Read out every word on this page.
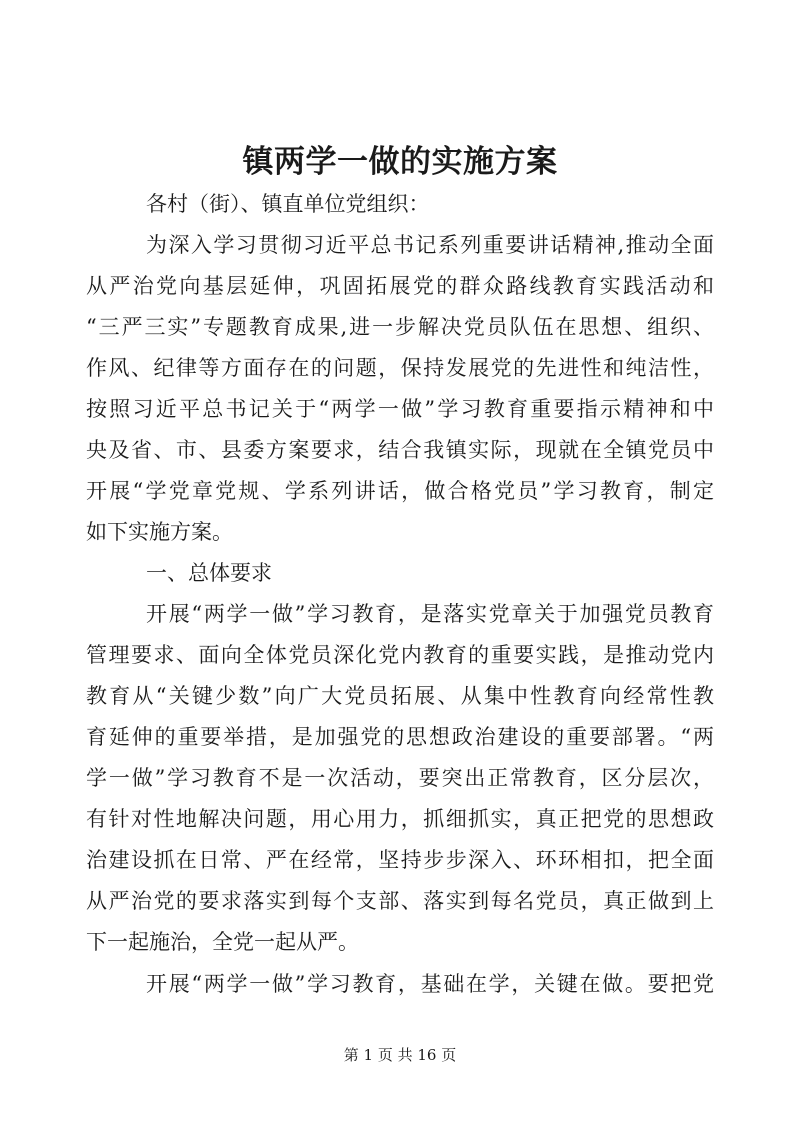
镇两学一做的实施方案
各村（街）、镇直单位党组织：
为深入学习贯彻习近平总书记系列重要讲话精神,推动全面
从严治党向基层延伸，巩固拓展党的群众路线教育实践活动和
“三严三实”专题教育成果,进一步解决党员队伍在思想、组织、
作风、纪律等方面存在的问题，保持发展党的先进性和纯洁性，
按照习近平总书记关于“两学一做”学习教育重要指示精神和中
央及省、市、县委方案要求，结合我镇实际，现就在全镇党员中
开展“学党章党规、学系列讲话，做合格党员”学习教育，制定
如下实施方案。
一、总体要求
开展“两学一做”学习教育，是落实党章关于加强党员教育
管理要求、面向全体党员深化党内教育的重要实践，是推动党内
教育从“关键少数”向广大党员拓展、从集中性教育向经常性教
育延伸的重要举措，是加强党的思想政治建设的重要部署。“两
学一做”学习教育不是一次活动，要突出正常教育，区分层次，
有针对性地解决问题，用心用力，抓细抓实，真正把党的思想政
治建设抓在日常、严在经常，坚持步步深入、环环相扣，把全面
从严治党的要求落实到每个支部、落实到每名党员，真正做到上
下一起施治，全党一起从严。
开展“两学一做”学习教育，基础在学，关键在做。要把党
第 1 页 共 16 页
